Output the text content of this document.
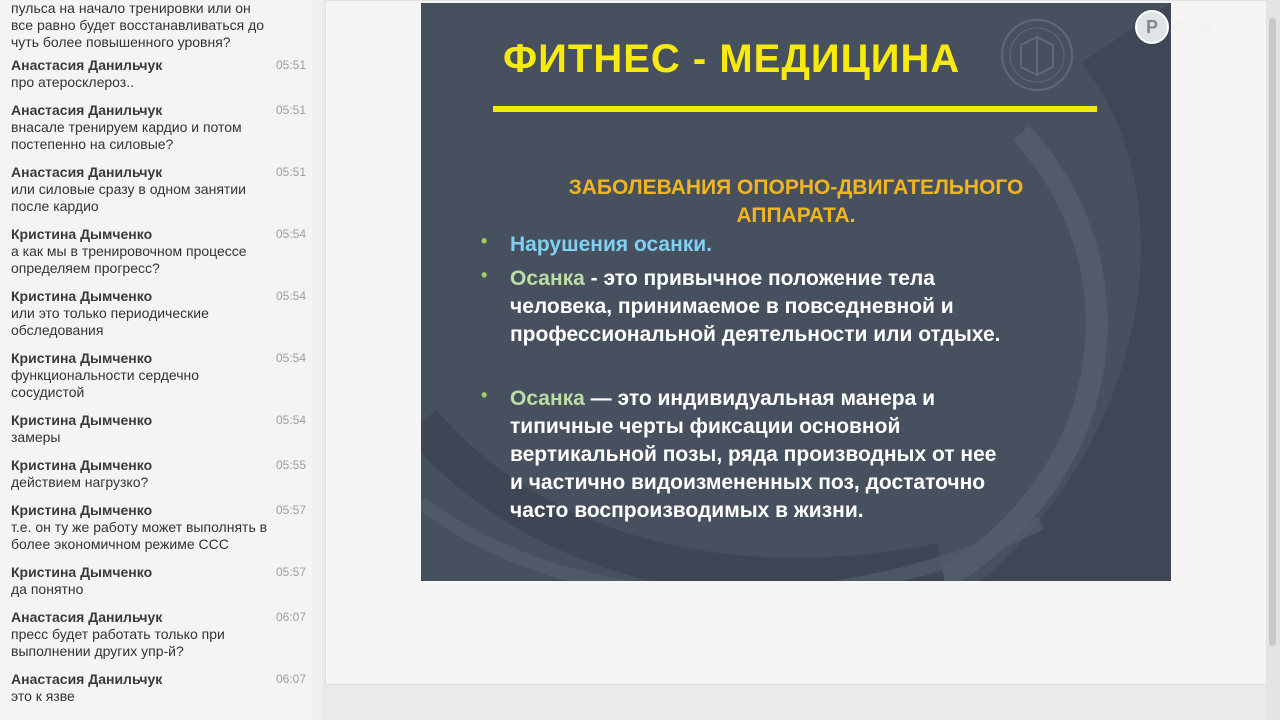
пульса на начало тренировки или он
все равно будет восстанавливаться до
чуть более повышенного уровня?
Анастасия Данильчук	05:51
про атеросклероз..
Анастасия Данильчук	05:51
внасале тренируем кардио и потом
постепенно на силовые?
Анастасия Данильчук	05:51
или силовые сразу в одном занятии
после кардио
Кристина Дымченко	05:54
а как мы в тренировочном процессе
определяем прогресс?
Кристина Дымченко	05:54
или это только периодические
обследования
Кристина Дымченко	05:54
функциональности сердечно
сосудистой
Кристина Дымченко	05:54
замеры
Кристина Дымченко	05:55
действием нагрузко?
Кристина Дымченко	05:57
т.е. он ту же работу может выполнять в
более экономичном режиме ССС
Кристина Дымченко	05:57
да понятно
Анастасия Данильчук	06:07
пресс будет работать только при
выполнении других упр-й?
Анастасия Данильчук	06:07
это к язве
ФИТНЕС - МЕДИЦИНА
ЗАБОЛЕВАНИЯ ОПОРНО-ДВИГАТЕЛЬНОГО
АППАРАТА.
• Нарушения осанки.
• Осанка - это привычное положение тела
человека, принимаемое в повседневной и
профессиональной деятельности или отдыхе.
• Осанка — это индивидуальная манера и
типичные черты фиксации основной
вертикальной позы, ряда производных от нее
и частично видоизмененных поз, достаточно
часто воспроизводимых в жизни.
P Pixel
